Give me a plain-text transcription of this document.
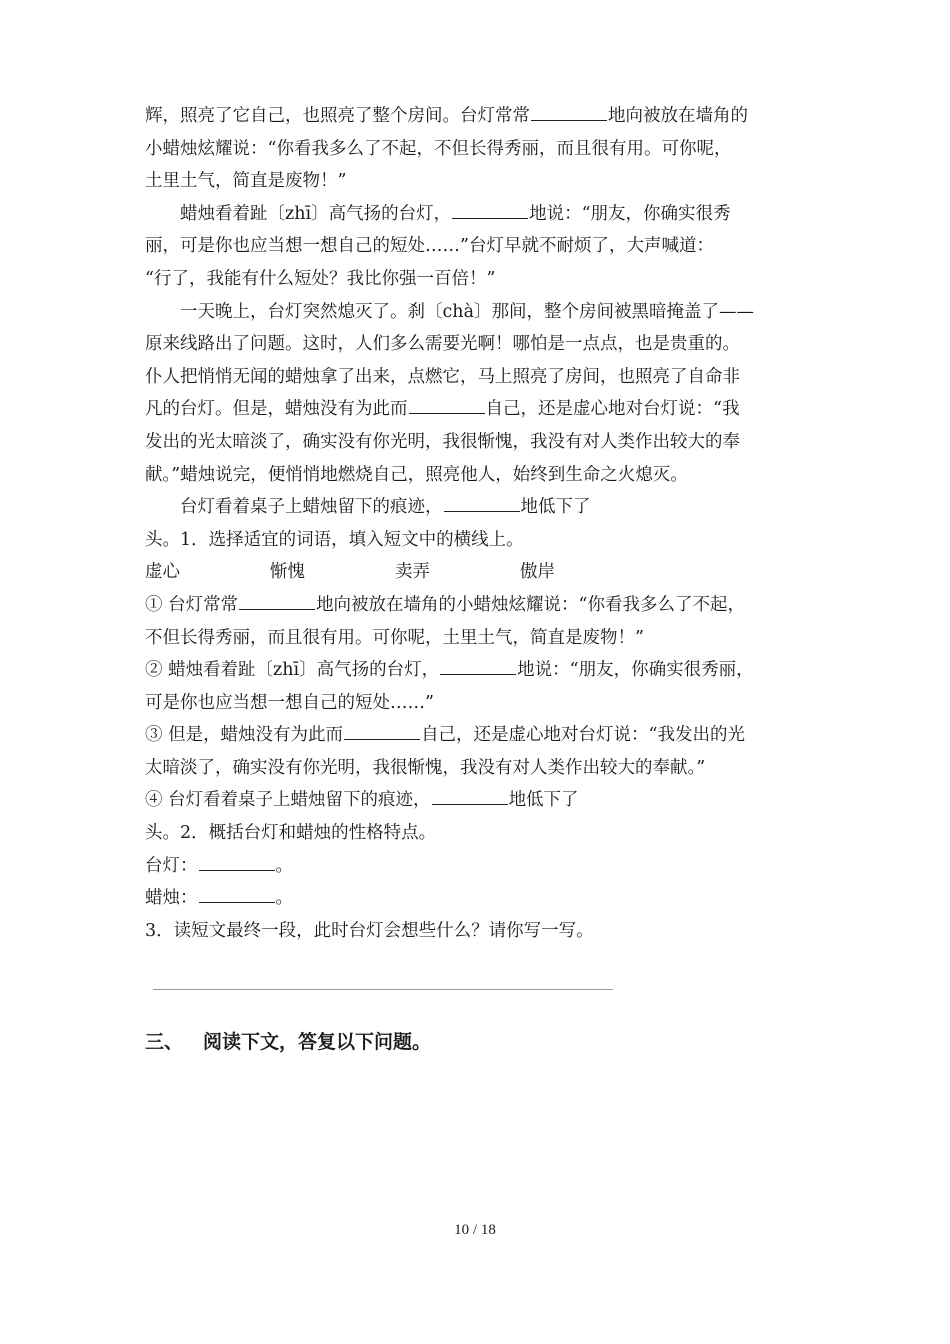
辉，照亮了它自己，也照亮了整个房间。台灯常常	地向被放在墙角的
小蜡烛炫耀说：“你看我多么了不起，不但长得秀丽，而且很有用。可你呢，
土里土气，简直是废物！”
蜡烛看着趾〔zhī〕高气扬的台灯，	地说：“朋友，你确实很秀
丽，可是你也应当想一想自己的短处……”台灯早就不耐烦了，大声喊道：
“行了，我能有什么短处？我比你强一百倍！”
一天晚上，台灯突然熄灭了。刹〔chà〕那间，整个房间被黑暗掩盖了——
原来线路出了问题。这时，人们多么需要光啊！哪怕是一点点，也是贵重的。
仆人把悄悄无闻的蜡烛拿了出来，点燃它，马上照亮了房间，也照亮了自命非
凡的台灯。但是，蜡烛没有为此而	自己，还是虚心地对台灯说：“我
发出的光太暗淡了，确实没有你光明，我很惭愧，我没有对人类作出较大的奉
献。”蜡烛说完，便悄悄地燃烧自己，照亮他人，始终到生命之火熄灭。
台灯看着桌子上蜡烛留下的痕迹，	地低下了
头。1．选择适宜的词语，填入短文中的横线上。
虚心	惭愧	卖弄	傲岸
① 台灯常常	地向被放在墙角的小蜡烛炫耀说：“你看我多么了不起，
不但长得秀丽，而且很有用。可你呢，土里土气，简直是废物！”
② 蜡烛看着趾〔zhī〕高气扬的台灯，	地说：“朋友，你确实很秀丽，
可是你也应当想一想自己的短处……”
③ 但是，蜡烛没有为此而	自己，还是虚心地对台灯说：“我发出的光
太暗淡了，确实没有你光明，我很惭愧，我没有对人类作出较大的奉献。”
④ 台灯看着桌子上蜡烛留下的痕迹，	地低下了
头。2．概括台灯和蜡烛的性格特点。
台灯：	。
蜡烛：	。
3．读短文最终一段，此时台灯会想些什么？请你写一写。
三、 阅读下文，答复以下问题。
10 / 18
